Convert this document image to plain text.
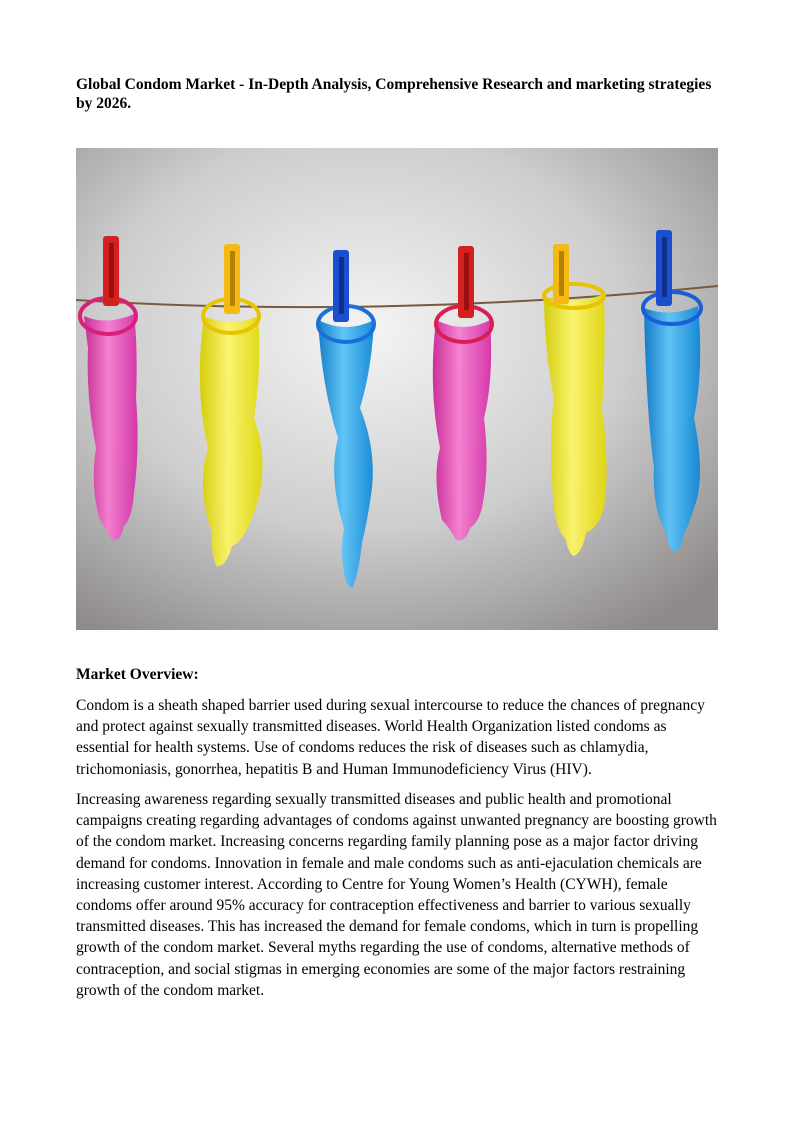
Global Condom Market - In-Depth Analysis, Comprehensive Research and marketing strategies by 2026.
Market Overview:

Condom is a sheath shaped barrier used during sexual intercourse to reduce the chances of pregnancy and protect against sexually transmitted diseases. World Health Organization listed condoms as essential for health systems. Use of condoms reduces the risk of diseases such as chlamydia, trichomoniasis, gonorrhea, hepatitis B and Human Immunodeficiency Virus (HIV).

Increasing awareness regarding sexually transmitted diseases and public health and promotional campaigns creating regarding advantages of condoms against unwanted pregnancy are boosting growth of the condom market. Increasing concerns regarding family planning pose as a major factor driving demand for condoms. Innovation in female and male condoms such as anti-ejaculation chemicals are increasing customer interest. According to Centre for Young Women’s Health (CYWH), female condoms offer around 95% accuracy for contraception effectiveness and barrier to various sexually transmitted diseases. This has increased the demand for female condoms, which in turn is propelling growth of the condom market. Several myths regarding the use of condoms, alternative methods of contraception, and social stigmas in emerging economies are some of the major factors restraining growth of the condom market.
